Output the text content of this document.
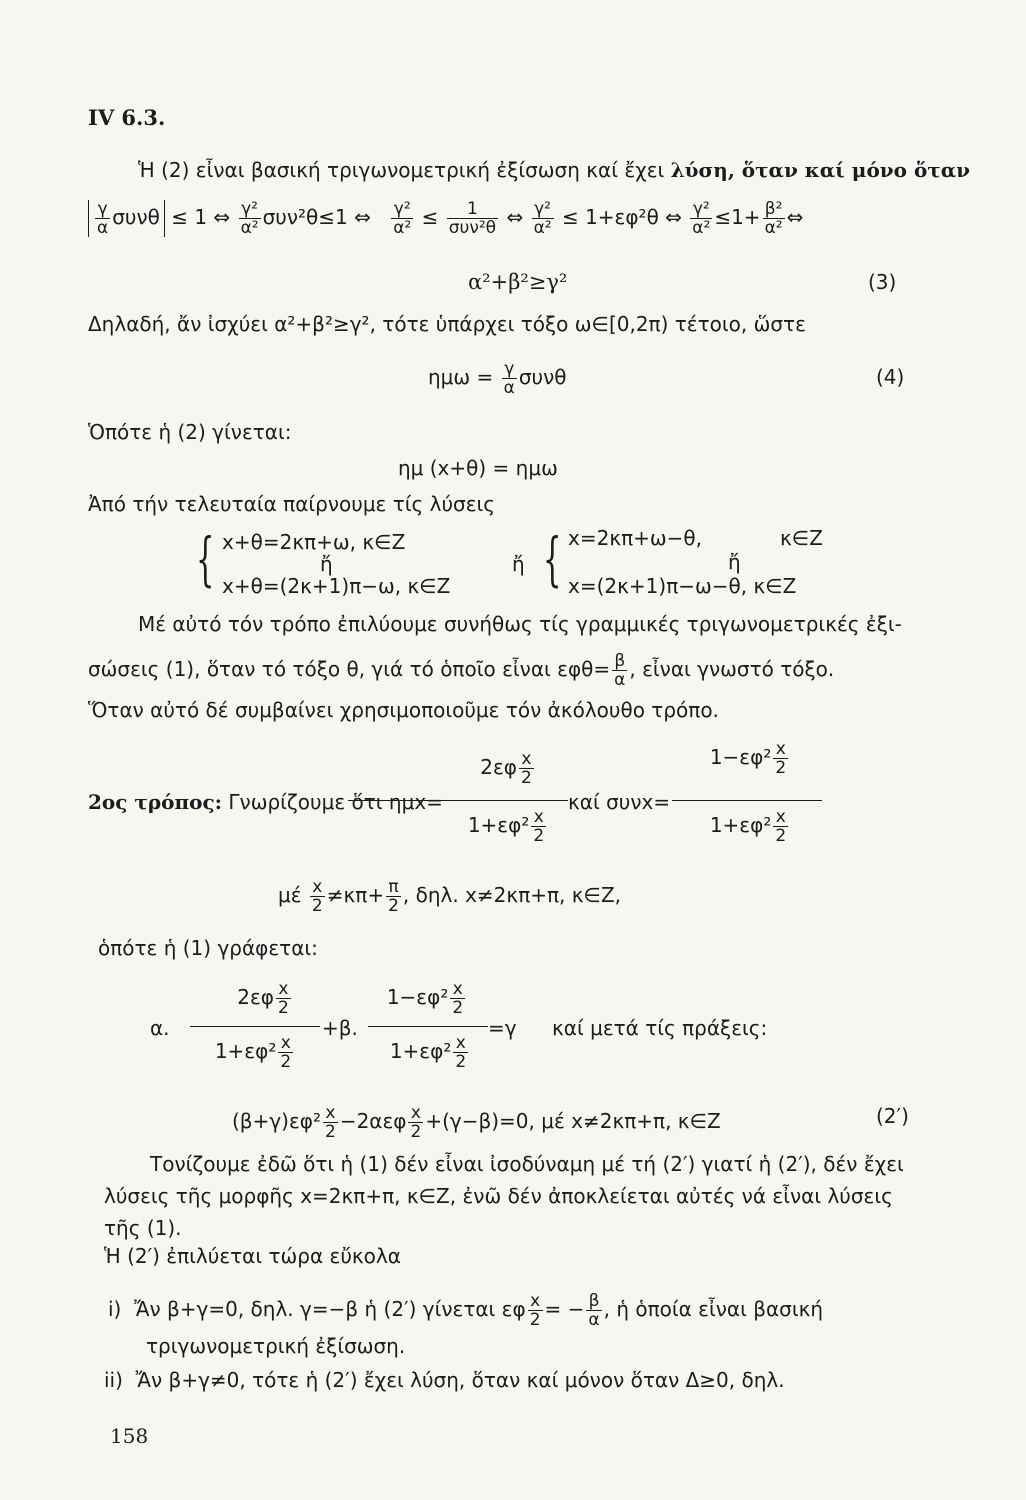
IV 6.3.
Ἡ (2) εἶναι βασική τριγωνομετρική ἐξίσωση καί ἔχει λύση, ὅταν καί μόνο ὅταν
$\frac{\gamma}{\alpha}$ συνθ ≤ 1 ⇔ $\frac{\text{γ²}}{\text{α²}} \sigma\upsilon\nu^2\theta\le 1$ ⇔ $\frac{\text{γ²}}{\text{α²}} \le \frac{1}{\text{συν²θ}}$ ⇔ $\frac{\text{γ²}}{\text{α²}} \le 1+\varepsilon\varphi^2\theta$ ⇔ $\frac{\text{γ²}}{\text{α²}} \le 1+ \frac{\text{β²}}{\text{α²}}$ ⇔
α²+β²≥γ²	(3)
Δηλαδή, ἄν ἰσχύει α²+β²≥γ², τότε ὑπάρχει τόξο ω∈[0,2π) τέτοιο, ὥστε
$\eta\mu\omega = \frac{\gamma}{\alpha}$ συνθ	(4)
Ὁπότε ἡ (2) γίνεται:
ημ (x+θ) = ημω
Ἀπό τήν τελευταία παίρνουμε τίς λύσεις
{ x+θ=2κπ+ω, κ∈Z
ἤ
x+θ=(2κ+1)π−ω, κ∈Z
ἤ { x=2κπ+ω−θ,	κ∈Z
ἤ
x=(2κ+1)π−ω−θ, κ∈Z
Μέ αὐτό τόν τρόπο ἐπιλύουμε συνήθως τίς γραμμικές τριγωνομετρικές ἐξι-
σώσεις (1), ὅταν τό τόξο θ, γιά τό ὁποῖο εἶναι $\varepsilon\varphi\theta= \frac{\beta}{\alpha}$ , εἶναι γνωστό τόξο.
Ὅταν αὐτό δέ συμβαίνει χρησιμοποιοῦμε τόν ἀκόλουθο τρόπο.
2ος τρόπος: Γνωρίζουμε ὅτι ημx=
$2\varepsilon\varphi \frac{x}{2}$
$1+\varepsilon\varphi^2 \frac{x}{2}$
καί συνx=
$1-\varepsilon\varphi^2 \frac{x}{2}$
$1+\varepsilon\varphi^2 \frac{x}{2}$
μέ $\frac{x}{2} \ne\kappa\pi+ \frac{\pi}{2}$ , δηλ. x≠2κπ+π, κ∈Z,
ὁπότε ἡ (1) γράφεται:
α.
$2\varepsilon\varphi \frac{x}{2}$
$1+\varepsilon\varphi^2 \frac{x}{2}$
+β.
$1-\varepsilon\varphi^2 \frac{x}{2}$
$1+\varepsilon\varphi^2 \frac{x}{2}$
=γ καί μετά τίς πράξεις:
$(\beta+\gamma)\varepsilon\varphi^2 \frac{x}{2} -2\alpha\varepsilon\varphi \frac{x}{2} +(\gamma-\beta)=0$, μέ x≠2κπ+π, κ∈Z	(2′)
Τονίζουμε ἐδῶ ὅτι ἡ (1) δέν εἶναι ἰσοδύναμη μέ τή (2′) γιατί ἡ (2′), δέν ἔχει
λύσεις τῆς μορφῆς x=2κπ+π, κ∈Z, ἐνῶ δέν ἀποκλείεται αὐτές νά εἶναι λύσεις
τῆς (1).
Ἡ (2′) ἐπιλύεται τώρα εὔκολα
i) Ἄν β+γ=0, δηλ. γ=−β ἡ (2′) γίνεται εφ $\frac{x}{2}$ = − $\frac{\beta}{\alpha}$ , ἡ ὁποία εἶναι βασική
τριγωνομετρική ἐξίσωση.
ii) Ἄν β+γ≠0, τότε ἡ (2′) ἔχει λύση, ὅταν καί μόνον ὅταν Δ≥0, δηλ.
158
